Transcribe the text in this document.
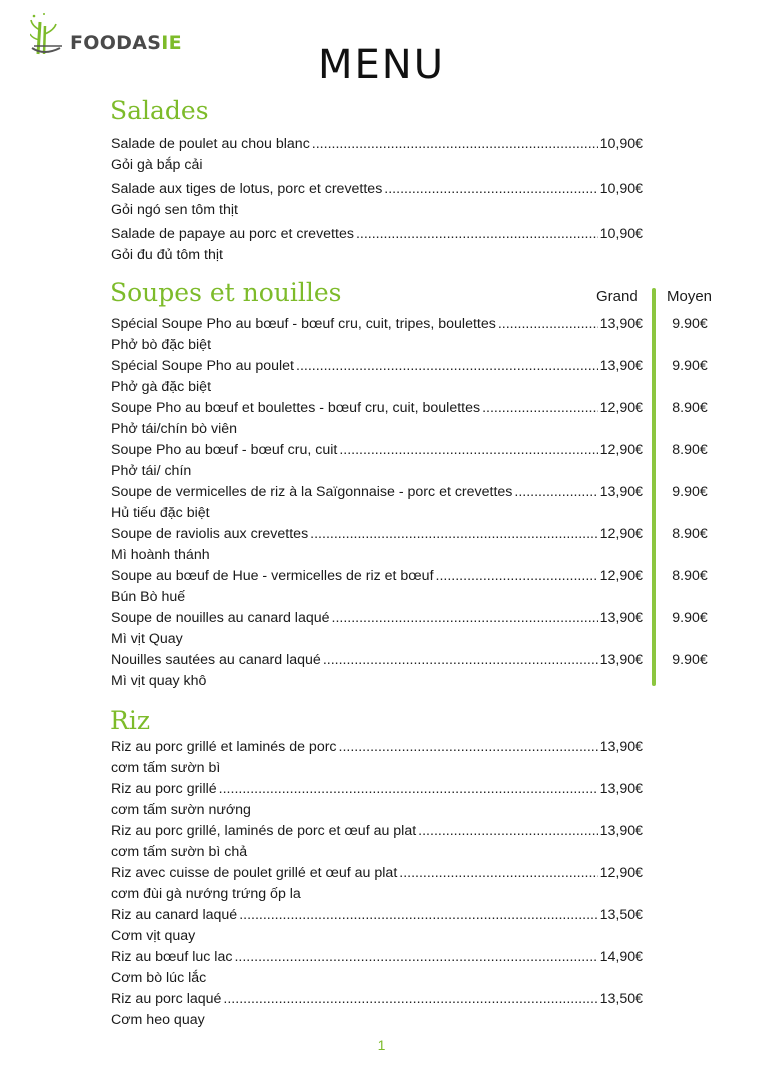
FOODASIE	MENU
Salades
Salade de poulet au chou blanc .....	10,90€
Gỏi gà bắp cải
Salade aux tiges de lotus, porc et crevettes .....	10,90€
Gỏi ngó sen tôm thịt
Salade de papaye au porc et crevettes .....	10,90€
Gỏi đu đủ tôm thịt
Soupes et nouilles	Grand Moyen
Spécial Soupe Pho au bœuf - bœuf cru, cuit, tripes, boulettes .....	13,90€	9.90€
Phở bò đặc biệt
Spécial Soupe Pho au poulet .....	13,90€	9.90€
Phở gà đặc biệt
Soupe Pho au bœuf et boulettes - bœuf cru, cuit, boulettes .....	12,90€	8.90€
Phở tái/chín bò viên
Soupe Pho au bœuf - bœuf cru, cuit .....	12,90€	8.90€
Phở tái/ chín
Soupe de vermicelles de riz à la Saïgonnaise - porc et crevettes .....	13,90€	9.90€
Hủ tiếu đặc biệt
Soupe de raviolis aux crevettes .....	12,90€	8.90€
Mì hoành thánh
Soupe au bœuf de Hue - vermicelles de riz et bœuf .....	12,90€	8.90€
Bún Bò huế
Soupe de nouilles au canard laqué .....	13,90€	9.90€
Mì vịt Quay
Nouilles sautées au canard laqué .....	13,90€	9.90€
Mì vịt quay khô
Riz
Riz au porc grillé et laminés de porc .....	13,90€
cơm tấm sườn bì
Riz au porc grillé .....	13,90€
cơm tấm sườn nướng
Riz au porc grillé, laminés de porc et œuf au plat .....	13,90€
cơm tấm sườn bì chả
Riz avec cuisse de poulet grillé et œuf au plat .....	12,90€
cơm đùi gà nướng trứng ốp la
Riz au canard laqué .....	13,50€
Cơm vịt quay
Riz au bœuf luc lac .....	14,90€
Cơm bò lúc lắc
Riz au porc laqué .....	13,50€
Cơm heo quay
1
